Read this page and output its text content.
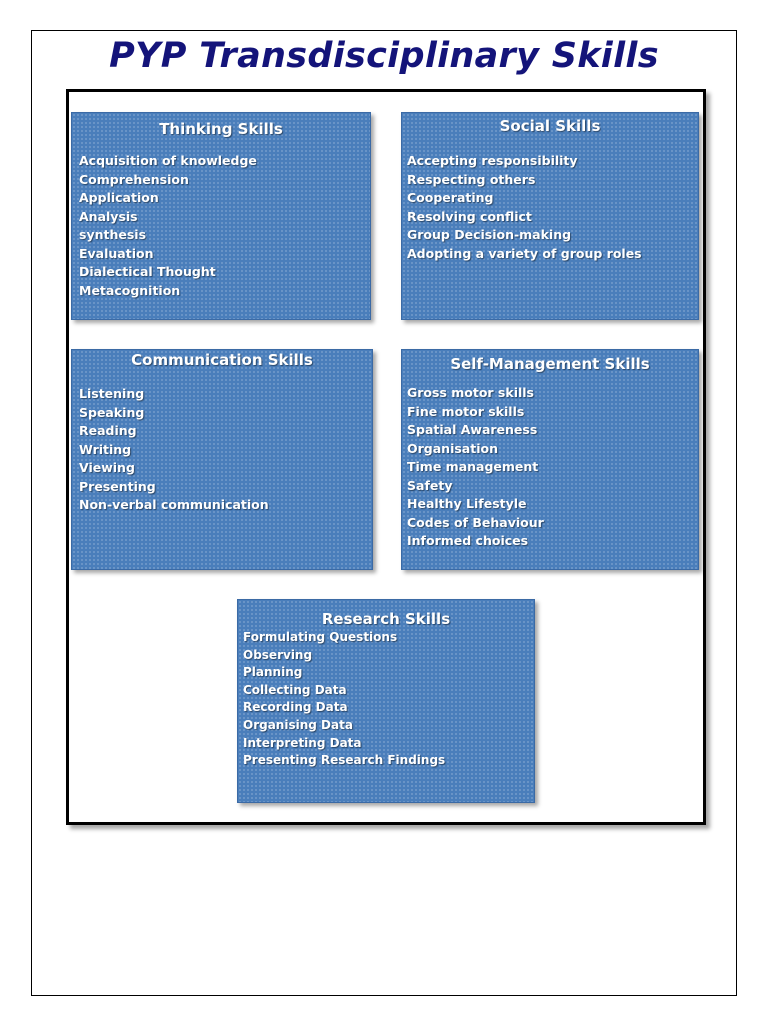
PYP Transdisciplinary Skills
Thinking Skills
Acquisition of knowledge
Comprehension
Application
Analysis
synthesis
Evaluation
Dialectical Thought
Metacognition
Social Skills
Accepting responsibility
Respecting others
Cooperating
Resolving conflict
Group Decision-making
Adopting a variety of group roles
Communication Skills
Listening
Speaking
Reading
Writing
Viewing
Presenting
Non-verbal communication
Self-Management Skills
Gross motor skills
Fine motor skills
Spatial Awareness
Organisation
Time management
Safety
Healthy Lifestyle
Codes of Behaviour
Informed choices
Research Skills
Formulating Questions
Observing
Planning
Collecting Data
Recording Data
Organising Data
Interpreting Data
Presenting Research Findings
